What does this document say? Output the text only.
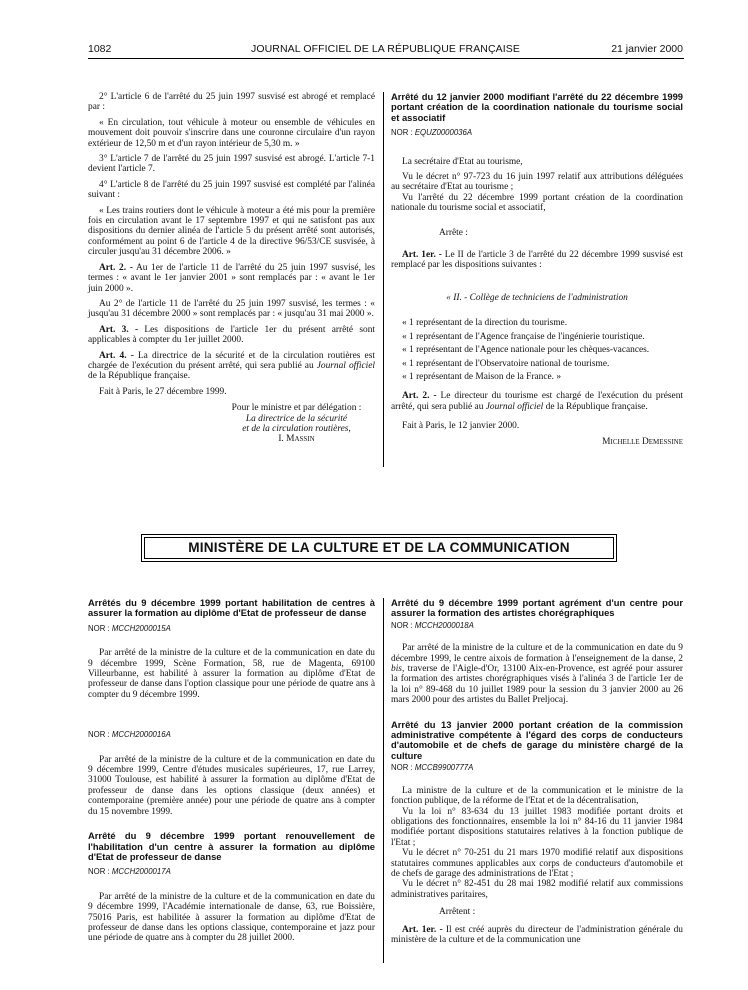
1082	JOURNAL OFFICIEL DE LA RÉPUBLIQUE FRANÇAISE	21 janvier 2000

2° L'article 6 de l'arrêté du 25 juin 1997 susvisé est abrogé et remplacé par :

« En circulation, tout véhicule à moteur ou ensemble de véhicules en mouvement doit pouvoir s'inscrire dans une couronne circulaire d'un rayon extérieur de 12,50 m et d'un rayon intérieur de 5,30 m. »

3° L'article 7 de l'arrêté du 25 juin 1997 susvisé est abrogé. L'article 7-1 devient l'article 7.

4° L'article 8 de l'arrêté du 25 juin 1997 susvisé est complété par l'alinéa suivant :

« Les trains routiers dont le véhicule à moteur a été mis pour la première fois en circulation avant le 17 septembre 1997 et qui ne satisfont pas aux dispositions du dernier alinéa de l'article 5 du présent arrêté sont autorisés, conformément au point 6 de l'article 4 de la directive 96/53/CE susvisée, à circuler jusqu'au 31 décembre 2006. »

Art. 2. - Au 1er de l'article 11 de l'arrêté du 25 juin 1997 susvisé, les termes : « avant le 1er janvier 2001 » sont remplacés par : « avant le 1er juin 2000 ».

Au 2° de l'article 11 de l'arrêté du 25 juin 1997 susvisé, les termes : « jusqu'au 31 décembre 2000 » sont remplacés par : « jusqu'au 31 mai 2000 ».

Art. 3. - Les dispositions de l'article 1er du présent arrêté sont applicables à compter du 1er juillet 2000.

Art. 4. - La directrice de la sécurité et de la circulation routières est chargée de l'exécution du présent arrêté, qui sera publié au Journal officiel de la République française.

Fait à Paris, le 27 décembre 1999.

Pour le ministre et par délégation :
La directrice de la sécurité
et de la circulation routières,
I. Massin

Arrêté du 12 janvier 2000 modifiant l'arrêté du 22 décembre 1999 portant création de la coordination nationale du tourisme social et associatif

NOR : EQUZ0000036A

La secrétaire d'Etat au tourisme,

Vu le décret n° 97-723 du 16 juin 1997 relatif aux attributions déléguées au secrétaire d'Etat au tourisme ;

Vu l'arrêté du 22 décembre 1999 portant création de la coordination nationale du tourisme social et associatif,

Arrête :

Art. 1er. - Le II de l'article 3 de l'arrêté du 22 décembre 1999 susvisé est remplacé par les dispositions suivantes :

« II. - Collège de techniciens de l'administration

« 1 représentant de la direction du tourisme.

« 1 représentant de l'Agence française de l'ingénierie touristique.

« 1 représentant de l'Agence nationale pour les chèques-vacances.

« 1 représentant de l'Observatoire national de tourisme.

« 1 représentant de Maison de la France. »

Art. 2. - Le directeur du tourisme est chargé de l'exécution du présent arrêté, qui sera publié au Journal officiel de la République française.

Fait à Paris, le 12 janvier 2000.

Michelle Demessine

MINISTÈRE DE LA CULTURE ET DE LA COMMUNICATION

Arrêtés du 9 décembre 1999 portant habilitation de centres à assurer la formation au diplôme d'Etat de professeur de danse

NOR : MCCH2000015A

Par arrêté de la ministre de la culture et de la communication en date du 9 décembre 1999, Scène Formation, 58, rue de Magenta, 69100 Villeurbanne, est habilité à assurer la formation au diplôme d'Etat de professeur de danse dans l'option classique pour une période de quatre ans à compter du 9 décembre 1999.

NOR : MCCH2000016A

Par arrêté de la ministre de la culture et de la communication en date du 9 décembre 1999, Centre d'études musicales supérieures, 17, rue Larrey, 31000 Toulouse, est habilité à assurer la formation au diplôme d'Etat de professeur de danse dans les options classique (deux années) et contemporaine (première année) pour une période de quatre ans à compter du 15 novembre 1999.

Arrêté du 9 décembre 1999 portant renouvellement de l'habilitation d'un centre à assurer la formation au diplôme d'Etat de professeur de danse

NOR : MCCH2000017A

Par arrêté de la ministre de la culture et de la communication en date du 9 décembre 1999, l'Académie internationale de danse, 63, rue Boissière, 75016 Paris, est habilitée à assurer la formation au diplôme d'Etat de professeur de danse dans les options classique, contemporaine et jazz pour une période de quatre ans à compter du 28 juillet 2000.

Arrêté du 9 décembre 1999 portant agrément d'un centre pour assurer la formation des artistes chorégraphiques

NOR : MCCH2000018A

Par arrêté de la ministre de la culture et de la communication en date du 9 décembre 1999, le centre aixois de formation à l'enseignement de la danse, 2 bis, traverse de l'Aigle-d'Or, 13100 Aix-en-Provence, est agréé pour assurer la formation des artistes chorégraphiques visés à l'alinéa 3 de l'article 1er de la loi n° 89-468 du 10 juillet 1989 pour la session du 3 janvier 2000 au 26 mars 2000 pour des artistes du Ballet Preljocaj.

Arrêté du 13 janvier 2000 portant création de la commission administrative compétente à l'égard des corps de conducteurs d'automobile et de chefs de garage du ministère chargé de la culture

NOR : MCCB9900777A

La ministre de la culture et de la communication et le ministre de la fonction publique, de la réforme de l'Etat et de la décentralisation,

Vu la loi n° 83-634 du 13 juillet 1983 modifiée portant droits et obligations des fonctionnaires, ensemble la loi n° 84-16 du 11 janvier 1984 modifiée portant dispositions statutaires relatives à la fonction publique de l'Etat ;

Vu le décret n° 70-251 du 21 mars 1970 modifié relatif aux dispositions statutaires communes applicables aux corps de conducteurs d'automobile et de chefs de garage des administrations de l'Etat ;

Vu le décret n° 82-451 du 28 mai 1982 modifié relatif aux commissions administratives paritaires,

Arrêtent :

Art. 1er. - Il est créé auprès du directeur de l'administration générale du ministère de la culture et de la communication une
